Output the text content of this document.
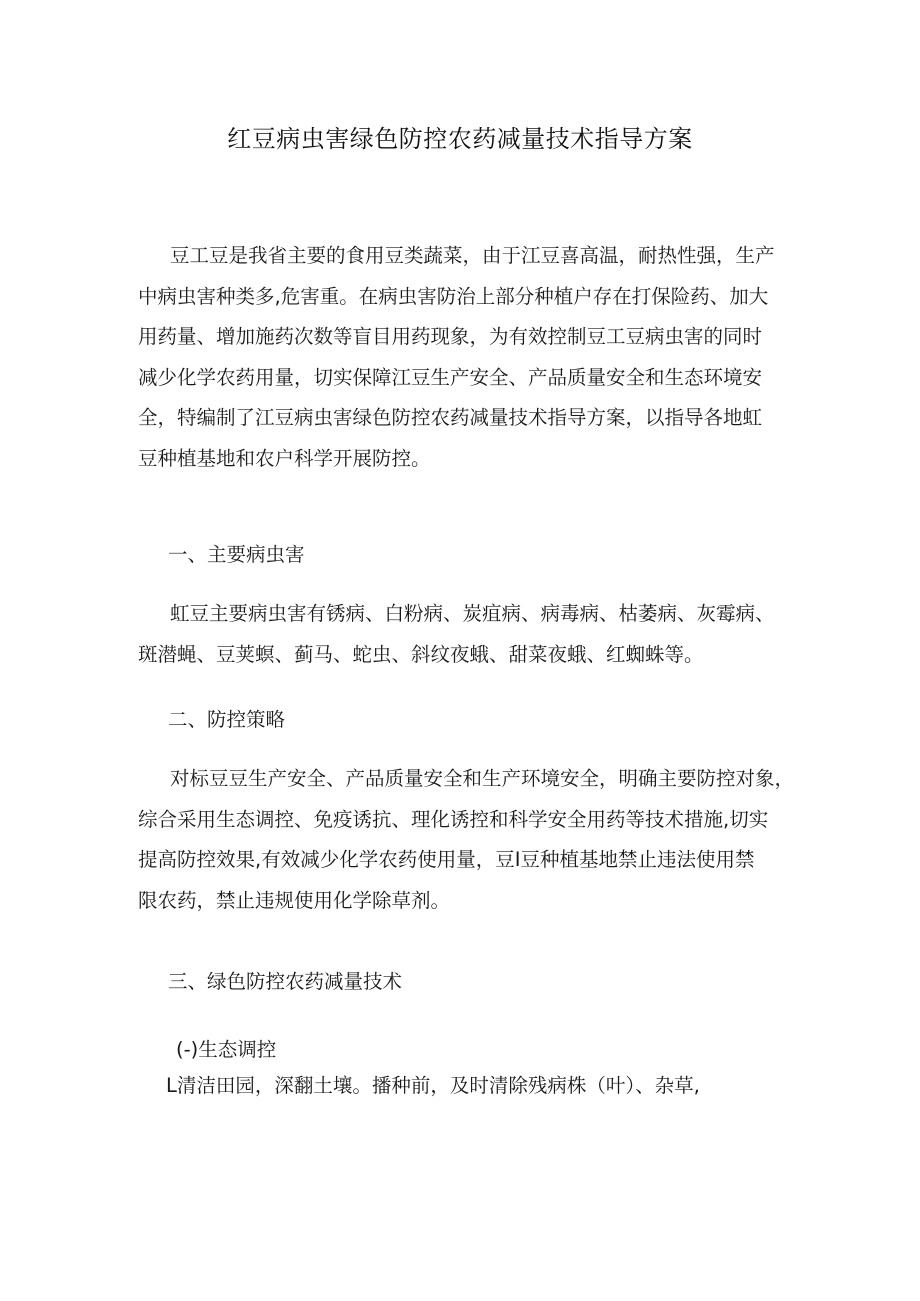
红豆病虫害绿色防控农药减量技术指导方案
豆工豆是我省主要的食用豆类蔬菜，由于江豆喜高温，耐热性强，生产
中病虫害种类多,危害重。在病虫害防治上部分种植户存在打保险药、加大
用药量、增加施药次数等盲目用药现象，为有效控制豆工豆病虫害的同时
减少化学农药用量，切实保障江豆生产安全、产品质量安全和生态环境安
全，特编制了江豆病虫害绿色防控农药减量技术指导方案，以指导各地虹
豆种植基地和农户科学开展防控。
一、主要病虫害
虹豆主要病虫害有锈病、白粉病、炭疽病、病毒病、枯萎病、灰霉病、
斑潜蝇、豆荚螟、蓟马、蛇虫、斜纹夜蛾、甜菜夜蛾、红蜘蛛等。
二、防控策略
对标豆豆生产安全、产品质量安全和生产环境安全，明确主要防控对象，
综合采用生态调控、免疫诱抗、理化诱控和科学安全用药等技术措施,切实
提高防控效果,有效减少化学农药使用量，豆I豆种植基地禁止违法使用禁
限农药，禁止违规使用化学除草剂。
三、绿色防控农药减量技术
(-)生态调控
L清洁田园，深翻土壤。播种前，及时清除残病株（叶）、杂草,
